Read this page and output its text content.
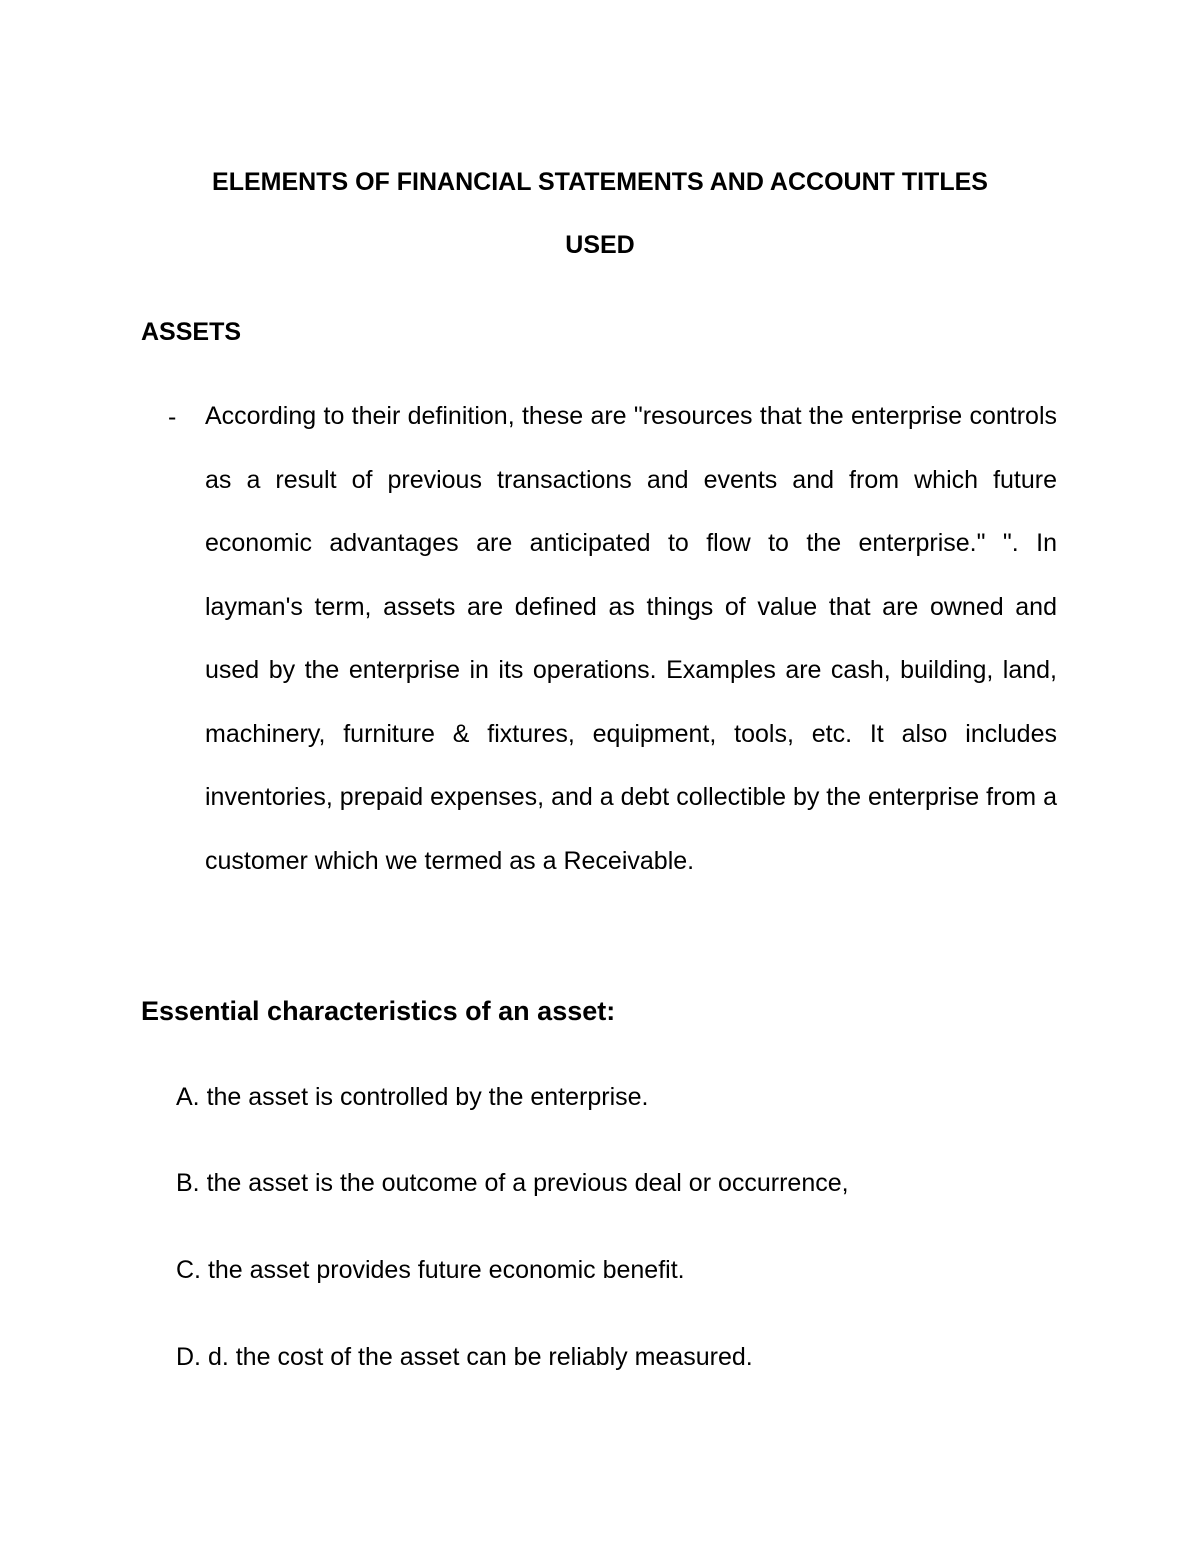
ELEMENTS OF FINANCIAL STATEMENTS AND ACCOUNT TITLES
USED
ASSETS
- According to their definition, these are "resources that the enterprise controls as a result of previous transactions and events and from which future economic advantages are anticipated to flow to the enterprise." ". In layman's term, assets are defined as things of value that are owned and used by the enterprise in its operations. Examples are cash, building, land, machinery, furniture & fixtures, equipment, tools, etc. It also includes inventories, prepaid expenses, and a debt collectible by the enterprise from a customer which we termed as a Receivable.

Essential characteristics of an asset:

A. the asset is controlled by the enterprise.

B. the asset is the outcome of a previous deal or occurrence,

C. the asset provides future economic benefit.

D. d. the cost of the asset can be reliably measured.
